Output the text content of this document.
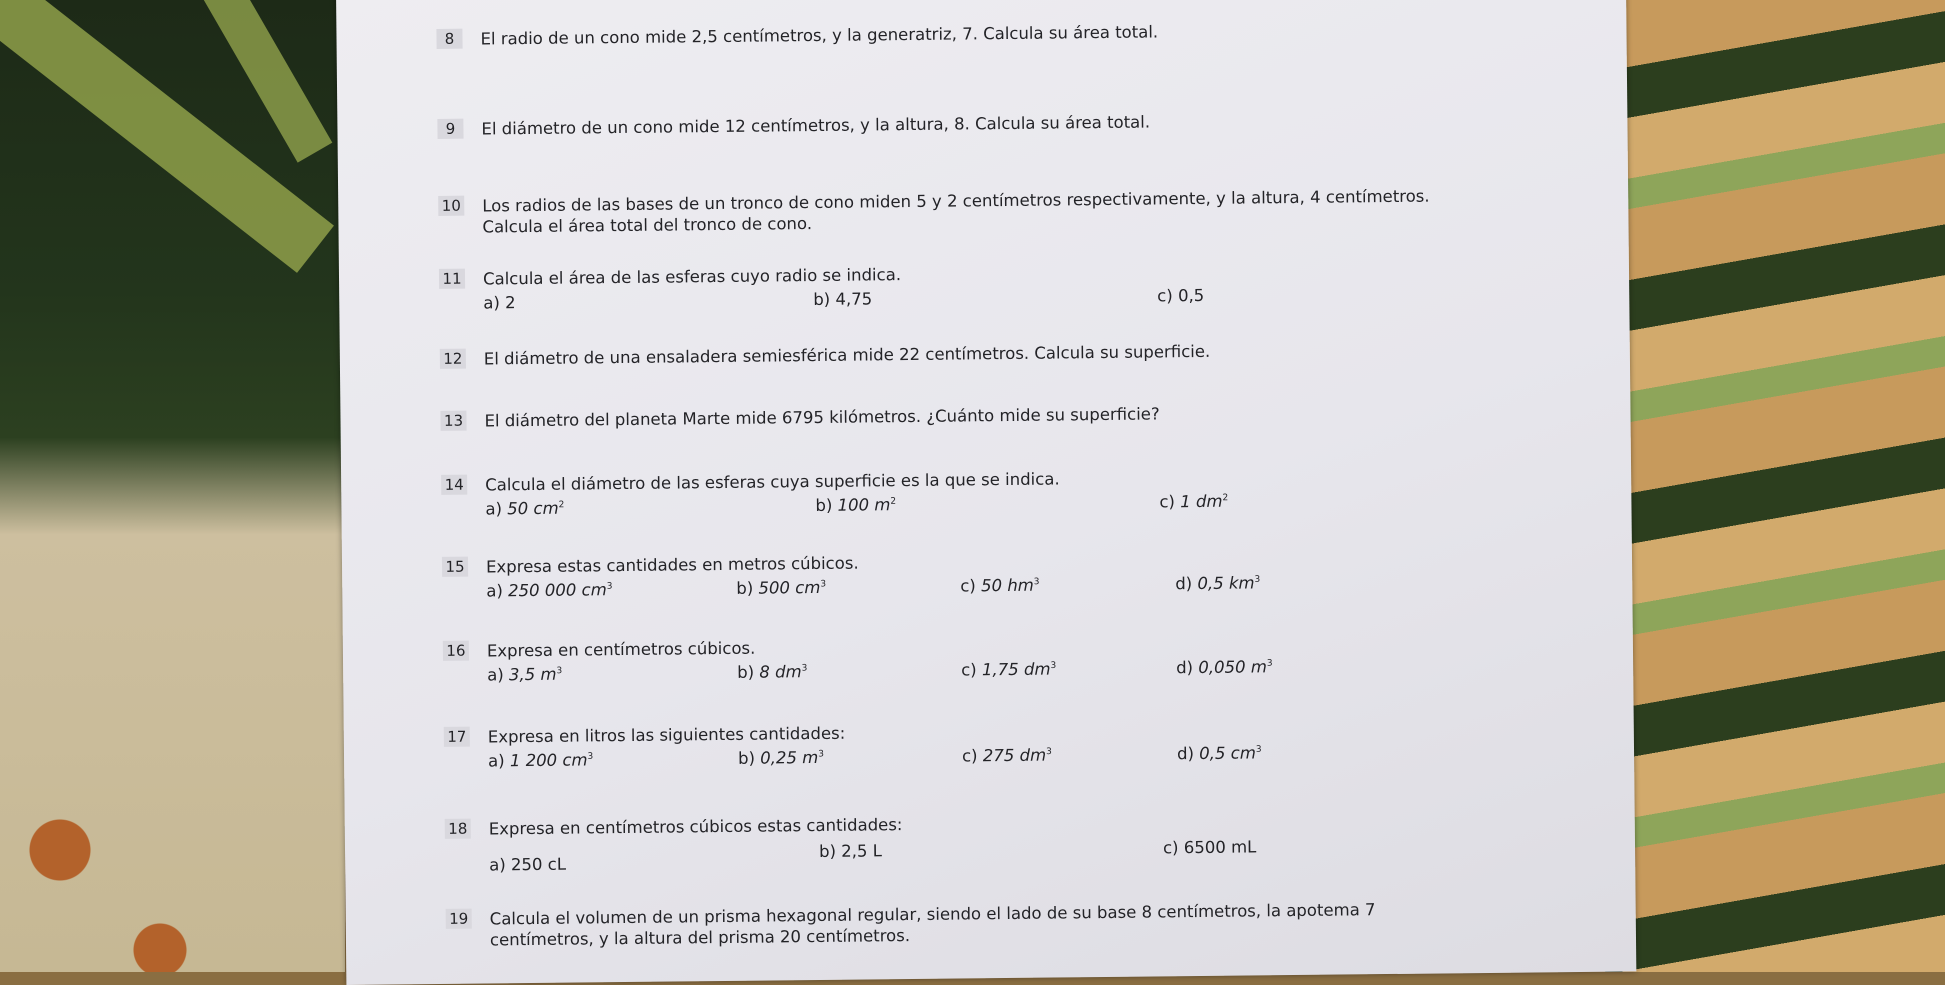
8	El radio de un cono mide 2,5 centímetros, y la generatriz, 7. Calcula su área total.
9	El diámetro de un cono mide 12 centímetros, y la altura, 8. Calcula su área total.
10 Los radios de las bases de un tronco de cono miden 5 y 2 centímetros respectivamente, y la altura, 4 centímetros. Calcula el área total del tronco de cono.
11 Calcula el área de las esferas cuyo radio se indica.
a) 2	b) 4,75	c) 0,5
12 El diámetro de una ensaladera semiesférica mide 22 centímetros. Calcula su superficie.
13 El diámetro del planeta Marte mide 6795 kilómetros. ¿Cuánto mide su superficie?
14 Calcula el diámetro de las esferas cuya superficie es la que se indica.
a) 50 $cm^2$	b) 100 $m^2$	c) 1 $dm^2$
15 Expresa estas cantidades en metros cúbicos.
a) 250 000 $cm^3$	b) 500 $cm^3$	c) 50 $hm^3$	d) 0,5 $km^3$
16 Expresa en centímetros cúbicos.
a) 3,5 $m^3$	b) 8 $dm^3$	c) 1,75 $dm^3$	d) 0,050 $m^3$
17 Expresa en litros las siguientes cantidades:
a) 1 200 $cm^3$	b) 0,25 $m^3$	c) 275 $dm^3$	d) 0,5 $cm^3$
18 Expresa en centímetros cúbicos estas cantidades:
a) 250 cL
b) 2,5 L	c) 6500 mL
19 Calcula el volumen de un prisma hexagonal regular, siendo el lado de su base 8 centímetros, la apotema 7 centímetros, y la altura del prisma 20 centímetros.
